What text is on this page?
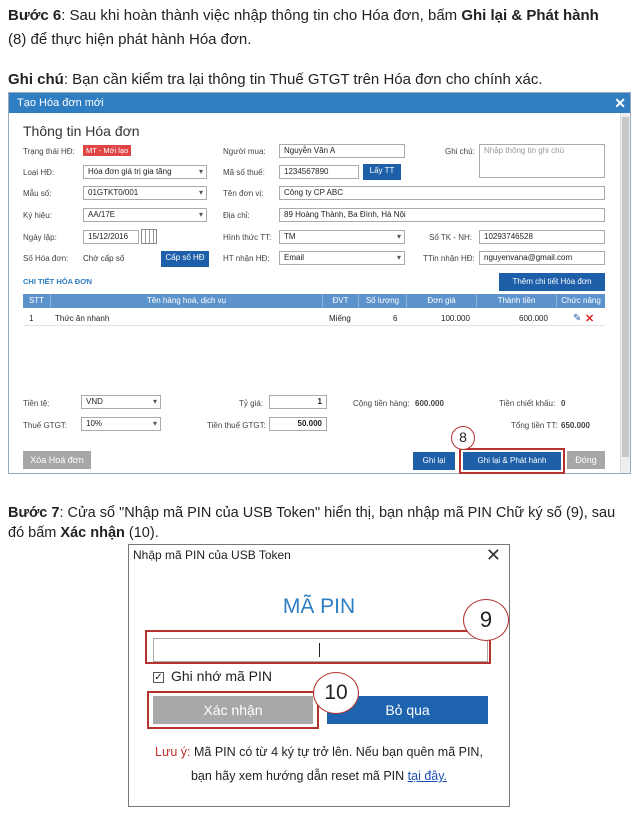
Bước 6: Sau khi hoàn thành việc nhập thông tin cho Hóa đơn, bấm Ghi lại & Phát hành (8) để thực hiện phát hành Hóa đơn.
Ghi chú: Bạn cần kiểm tra lại thông tin Thuế GTGT trên Hóa đơn cho chính xác.
Tạo Hóa đơn mới	✕
Thông tin Hóa đơn
Trạng thái HĐ:	MT - Mới lạo
Loại HĐ:	Hóa đơn giá trị gia tăng ▾
Mẫu số:	01GTKT0/001 ▾
Ký hiệu:	AA/17E ▾
Ngày lập:	15/12/2016
Số Hóa đơn: Chờ cấp số	Cấp số HĐ
Người mua:	Nguyễn Văn A
Mã số thuế:	1234567890	Lấy TT
Tên đơn vị:	Công ty CP ABC
Địa chỉ:	89 Hoàng Thành, Ba Đình, Hà Nội
Hình thức TT:	TM ▾
HT nhận HĐ:	Email ▾
Ghi chú:	Nhập thông tin ghi chú
Số TK - NH:	10293746528
TTin nhận HĐ:	nguyenvana@gmail.com
CHI TIẾT HÓA ĐƠN	Thêm chi tiết Hóa đơn
STT	Tên hàng hoá, dịch vụ	ĐVT	Số lượng	Đơn giá	Thành tiền	Chức năng
1	Thức ăn nhanh	Miếng	6	100.000	600.000	✎ ✕
Tiền tệ:	VND ▾	Tỷ giá:	1	Cộng tiền hàng: 600.000	Tiền chiết khấu: 0
Thuế GTGT:	10% ▾	Tiền thuế GTGT:	50.000	Tổng tiền TT: 650.000
Xóa Hoá đơn	Ghi lại	Ghi lại & Phát hành	Đóng
8
Bước 7: Cửa sổ "Nhập mã PIN của USB Token" hiển thị, bạn nhập mã PIN Chữ ký số (9), sau đó bấm Xác nhận (10).
Nhập mã PIN của USB Token	✕
MÃ PIN
9
✓ Ghi nhớ mã PIN
Xác nhận	Bỏ qua
10
Lưu ý: Mã PIN có từ 4 ký tự trở lên. Nếu bạn quên mã PIN,
bạn hãy xem hướng dẫn reset mã PIN tại đây.
